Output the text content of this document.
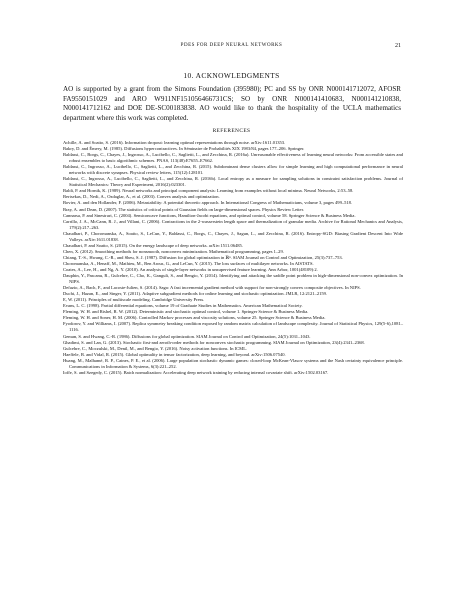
PDES FOR DEEP NEURAL NETWORKS	21
10. ACKNOWLEDGMENTS

AO is supported by a grant from the Simons Foundation (395980); PC and SS by ONR N000141712072, AFOSR FA9550151029 and ARO W911NF151056466731CS; SO by ONR N000141410683, N000141210838, N000141712162 and DOE DE-SC00183838. AO would like to thank the hospitality of the UCLA mathematics department where this work was completed.

REFERENCES

Achille, A. and Soatto, S. (2016). Information dropout: learning optimal representations through noise. arXiv:1611.01353.

Bakry, D. and Émery, M. (1985). Diffusions hypercontractives. In Séminaire de Probabilités XIX 1983/84, pages 177–206. Springer.

Baldassi, C., Borgs, C., Chayes, J., Ingrosso, A., Lucibello, C., Saglietti, L., and Zecchina, R. (2016a). Unreasonable effectiveness of learning neural networks: From accessible states and robust ensembles to basic algorithmic schemes. PNAS, 113(48):E7655–E7662.

Baldassi, C., Ingrosso, A., Lucibello, C., Saglietti, L., and Zecchina, R. (2015). Subdominant dense clusters allow for simple learning and high computational performance in neural networks with discrete synapses. Physical review letters, 115(12):128101.

Baldassi, C., Ingrosso, A., Lucibello, C., Saglietti, L., and Zecchina, R. (2016b). Local entropy as a measure for sampling solutions in constraint satisfaction problems. Journal of Statistical Mechanics: Theory and Experiment, 2016(2):023301.

Baldi, P. and Hornik, K. (1989). Neural networks and principal component analysis: Learning from examples without local minima. Neural Networks, 2:53–58.

Bertsekas, D., Nedi, A., Ozdaglar, A., et al. (2003). Convex analysis and optimization.

Bovier, A. and den Hollander, F. (2006). Metastability: A potential theoretic approach. In International Congress of Mathematicians, volume 3, pages 499–518.

Bray, A. and Dean, D. (2007). The statistics of critical points of Gaussian fields on large-dimensional spaces. Physics Review Letter.

Cannarsa, P. and Sinestrari, C. (2004). Semiconcave functions, Hamilton-Jacobi equations, and optimal control, volume 58. Springer Science & Business Media.

Carrillo, J. A., McCann, R. J., and Villani, C. (2006). Contractions in the 2-wasserstein length space and thermalization of granular media. Archive for Rational Mechanics and Analysis, 179(2):217–263.

Chaudhari, P., Choromanska, A., Soatto, S., LeCun, Y., Baldassi, C., Borgs, C., Chayes, J., Sagun, L., and Zecchina, R. (2016). Entropy-SGD: Biasing Gradient Descent Into Wide Valleys. arXiv:1611.01838.

Chaudhari, P. and Soatto, S. (2015). On the energy landscape of deep networks. arXiv:1511.06485.

Chen, X. (2012). Smoothing methods for nonsmooth, nonconvex minimization. Mathematical programming, pages 1–29.

Chiang, T.-S., Hwang, C.-R., and Sheu, S. J. (1987). Diffusion for global optimization in ℝⁿ. SIAM Journal on Control and Optimization, 25(3):737–753.

Choromanska, A., Henaff, M., Mathieu, M., Ben Arous, G., and LeCun, Y. (2015). The loss surfaces of multilayer networks. In AISTATS.

Coates, A., Lee, H., and Ng, A. Y. (2010). An analysis of single-layer networks in unsupervised feature learning. Ann Arbor, 1001(48109):2.

Dauphin, Y., Pascanu, R., Gulcehre, C., Cho, K., Ganguli, S., and Bengio, Y. (2014). Identifying and attacking the saddle point problem in high-dimensional non-convex optimization. In NIPS.

Defazio, A., Bach, F., and Lacoste-Julien, S. (2014). Saga: A fast incremental gradient method with support for non-strongly convex composite objectives. In NIPS.

Duchi, J., Hazan, E., and Singer, Y. (2011). Adaptive subgradient methods for online learning and stochastic optimization. JMLR, 12:2121–2159.

E, W. (2011). Principles of multiscale modeling. Cambridge University Press.

Evans, L. C. (1998). Partial differential equations, volume 19 of Graduate Studies in Mathematics. American Mathematical Society.

Fleming, W. H. and Rishel, R. W. (2012). Deterministic and stochastic optimal control, volume 1. Springer Science & Business Media.

Fleming, W. H. and Soner, H. M. (2006). Controlled Markov processes and viscosity solutions, volume 25. Springer Science & Business Media.

Fyodorov, Y. and Williams, I. (2007). Replica symmetry breaking condition exposed by random matrix calculation of landscape complexity. Journal of Statistical Physics, 129(5-6),1081–1116.

Geman, S. and Hwang, C.-R. (1986). Diffusions for global optimization. SIAM Journal on Control and Optimization, 24(5):1031–1043.

Ghadimi, S. and Lan, G. (2013). Stochastic first-and zeroth-order methods for nonconvex stochastic programming. SIAM Journal on Optimization, 23(4):2341–2368.

Gulcehre, C., Moczulski, M., Denil, M., and Bengio, Y. (2016). Noisy activation functions. In ICML.

Haeffele, B. and Vidal, R. (2015). Global optimality in tensor factorization, deep learning, and beyond. arXiv:1506.07540.

Huang, M., Malhamé, R. P., Caines, P. E., et al. (2006). Large population stochastic dynamic games: closed-loop McKean-Vlasov systems and the Nash certainty equivalence principle. Communications in Information & Systems, 6(3):221–252.

Ioffe, S. and Szegedy, C. (2015). Batch normalization: Accelerating deep network training by reducing internal covariate shift. arXiv:1502.03167.
